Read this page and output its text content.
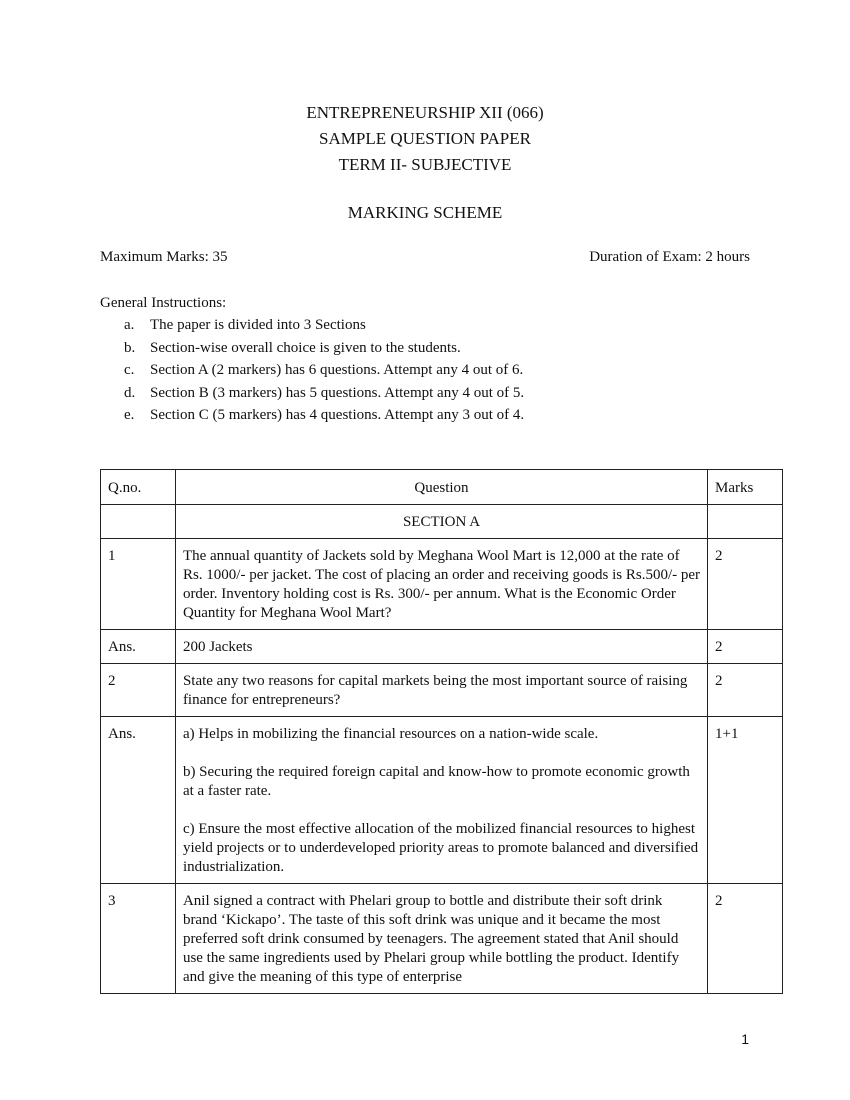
ENTREPRENEURSHIP XII (066)
SAMPLE QUESTION PAPER
TERM II- SUBJECTIVE
MARKING SCHEME
Maximum Marks: 35	Duration of Exam: 2 hours
General Instructions:
a. The paper is divided into 3 Sections
b. Section-wise overall choice is given to the students.
c. Section A (2 markers) has 6 questions. Attempt any 4 out of 6.
d. Section B (3 markers) has 5 questions. Attempt any 4 out of 5.
e. Section C (5 markers) has 4 questions. Attempt any 3 out of 4.
Q.no.	Question	Marks
	SECTION A	
1	The annual quantity of Jackets sold by Meghana Wool Mart is 12,000 at the rate of Rs. 1000/- per jacket. The cost of placing an order and receiving goods is Rs.500/- per order. Inventory holding cost is Rs. 300/- per annum. What is the Economic Order Quantity for Meghana Wool Mart?	2
Ans.	200 Jackets	2
2	State any two reasons for capital markets being the most important source of raising finance for entrepreneurs?	2
Ans.	a) Helps in mobilizing the financial resources on a nation-wide scale.
b) Securing the required foreign capital and know-how to promote economic growth at a faster rate.
c) Ensure the most effective allocation of the mobilized financial resources to highest yield projects or to underdeveloped priority areas to promote balanced and diversified industrialization.	1+1
3	Anil signed a contract with Phelari group to bottle and distribute their soft drink brand ‘Kickapo’. The taste of this soft drink was unique and it became the most preferred soft drink consumed by teenagers. The agreement stated that Anil should use the same ingredients used by Phelari group while bottling the product. Identify and give the meaning of this type of enterprise	2
1
